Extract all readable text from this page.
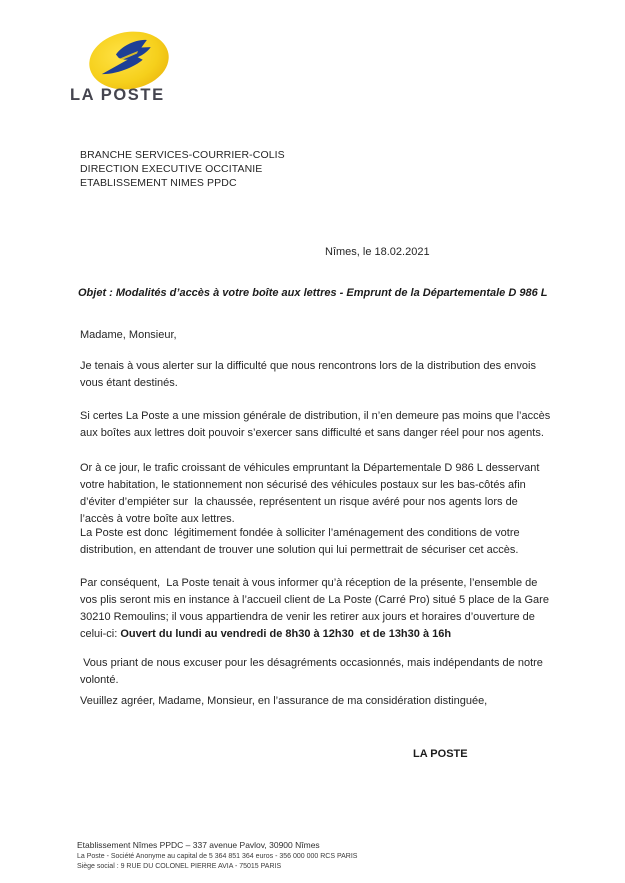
LA POSTE
BRANCHE SERVICES-COURRIER-COLIS
DIRECTION EXECUTIVE OCCITANIE
ETABLISSEMENT NIMES PPDC
Nîmes, le 18.02.2021
Objet : Modalités d’accès à votre boîte aux lettres - Emprunt de la Départementale D 986 L
Madame, Monsieur,
Je tenais à vous alerter sur la difficulté que nous rencontrons lors de la distribution des envois vous étant destinés.
Si certes La Poste a une mission générale de distribution, il n’en demeure pas moins que l’accès aux boîtes aux lettres doit pouvoir s’exercer sans difficulté et sans danger réel pour nos agents.
Or à ce jour, le trafic croissant de véhicules empruntant la Départementale D 986 L desservant votre habitation, le stationnement non sécurisé des véhicules postaux sur les bas-côtés afin d’éviter d’empiéter sur  la chaussée, représentent un risque avéré pour nos agents lors de l’accès à votre boîte aux lettres.
La Poste est donc  légitimement fondée à solliciter l’aménagement des conditions de votre distribution, en attendant de trouver une solution qui lui permettrait de sécuriser cet accès.
Par conséquent,  La Poste tenait à vous informer qu’à réception de la présente, l’ensemble de vos plis seront mis en instance à l’accueil client de La Poste (Carré Pro) situé 5 place de la Gare 30210 Remoulins; il vous appartiendra de venir les retirer aux jours et horaires d’ouverture de celui-ci: Ouvert du lundi au vendredi de 8h30 à 12h30  et de 13h30 à 16h
Vous priant de nous excuser pour les désagréments occasionnés, mais indépendants de notre volonté.
Veuillez agréer, Madame, Monsieur, en l’assurance de ma considération distinguée,
LA POSTE
Etablissement Nîmes PPDC – 337 avenue Pavlov, 30900 Nîmes
La Poste - Société Anonyme au capital de 5 364 851 364 euros - 356 000 000 RCS PARIS
Siège social : 9 RUE DU COLONEL PIERRE AVIA - 75015 PARIS
